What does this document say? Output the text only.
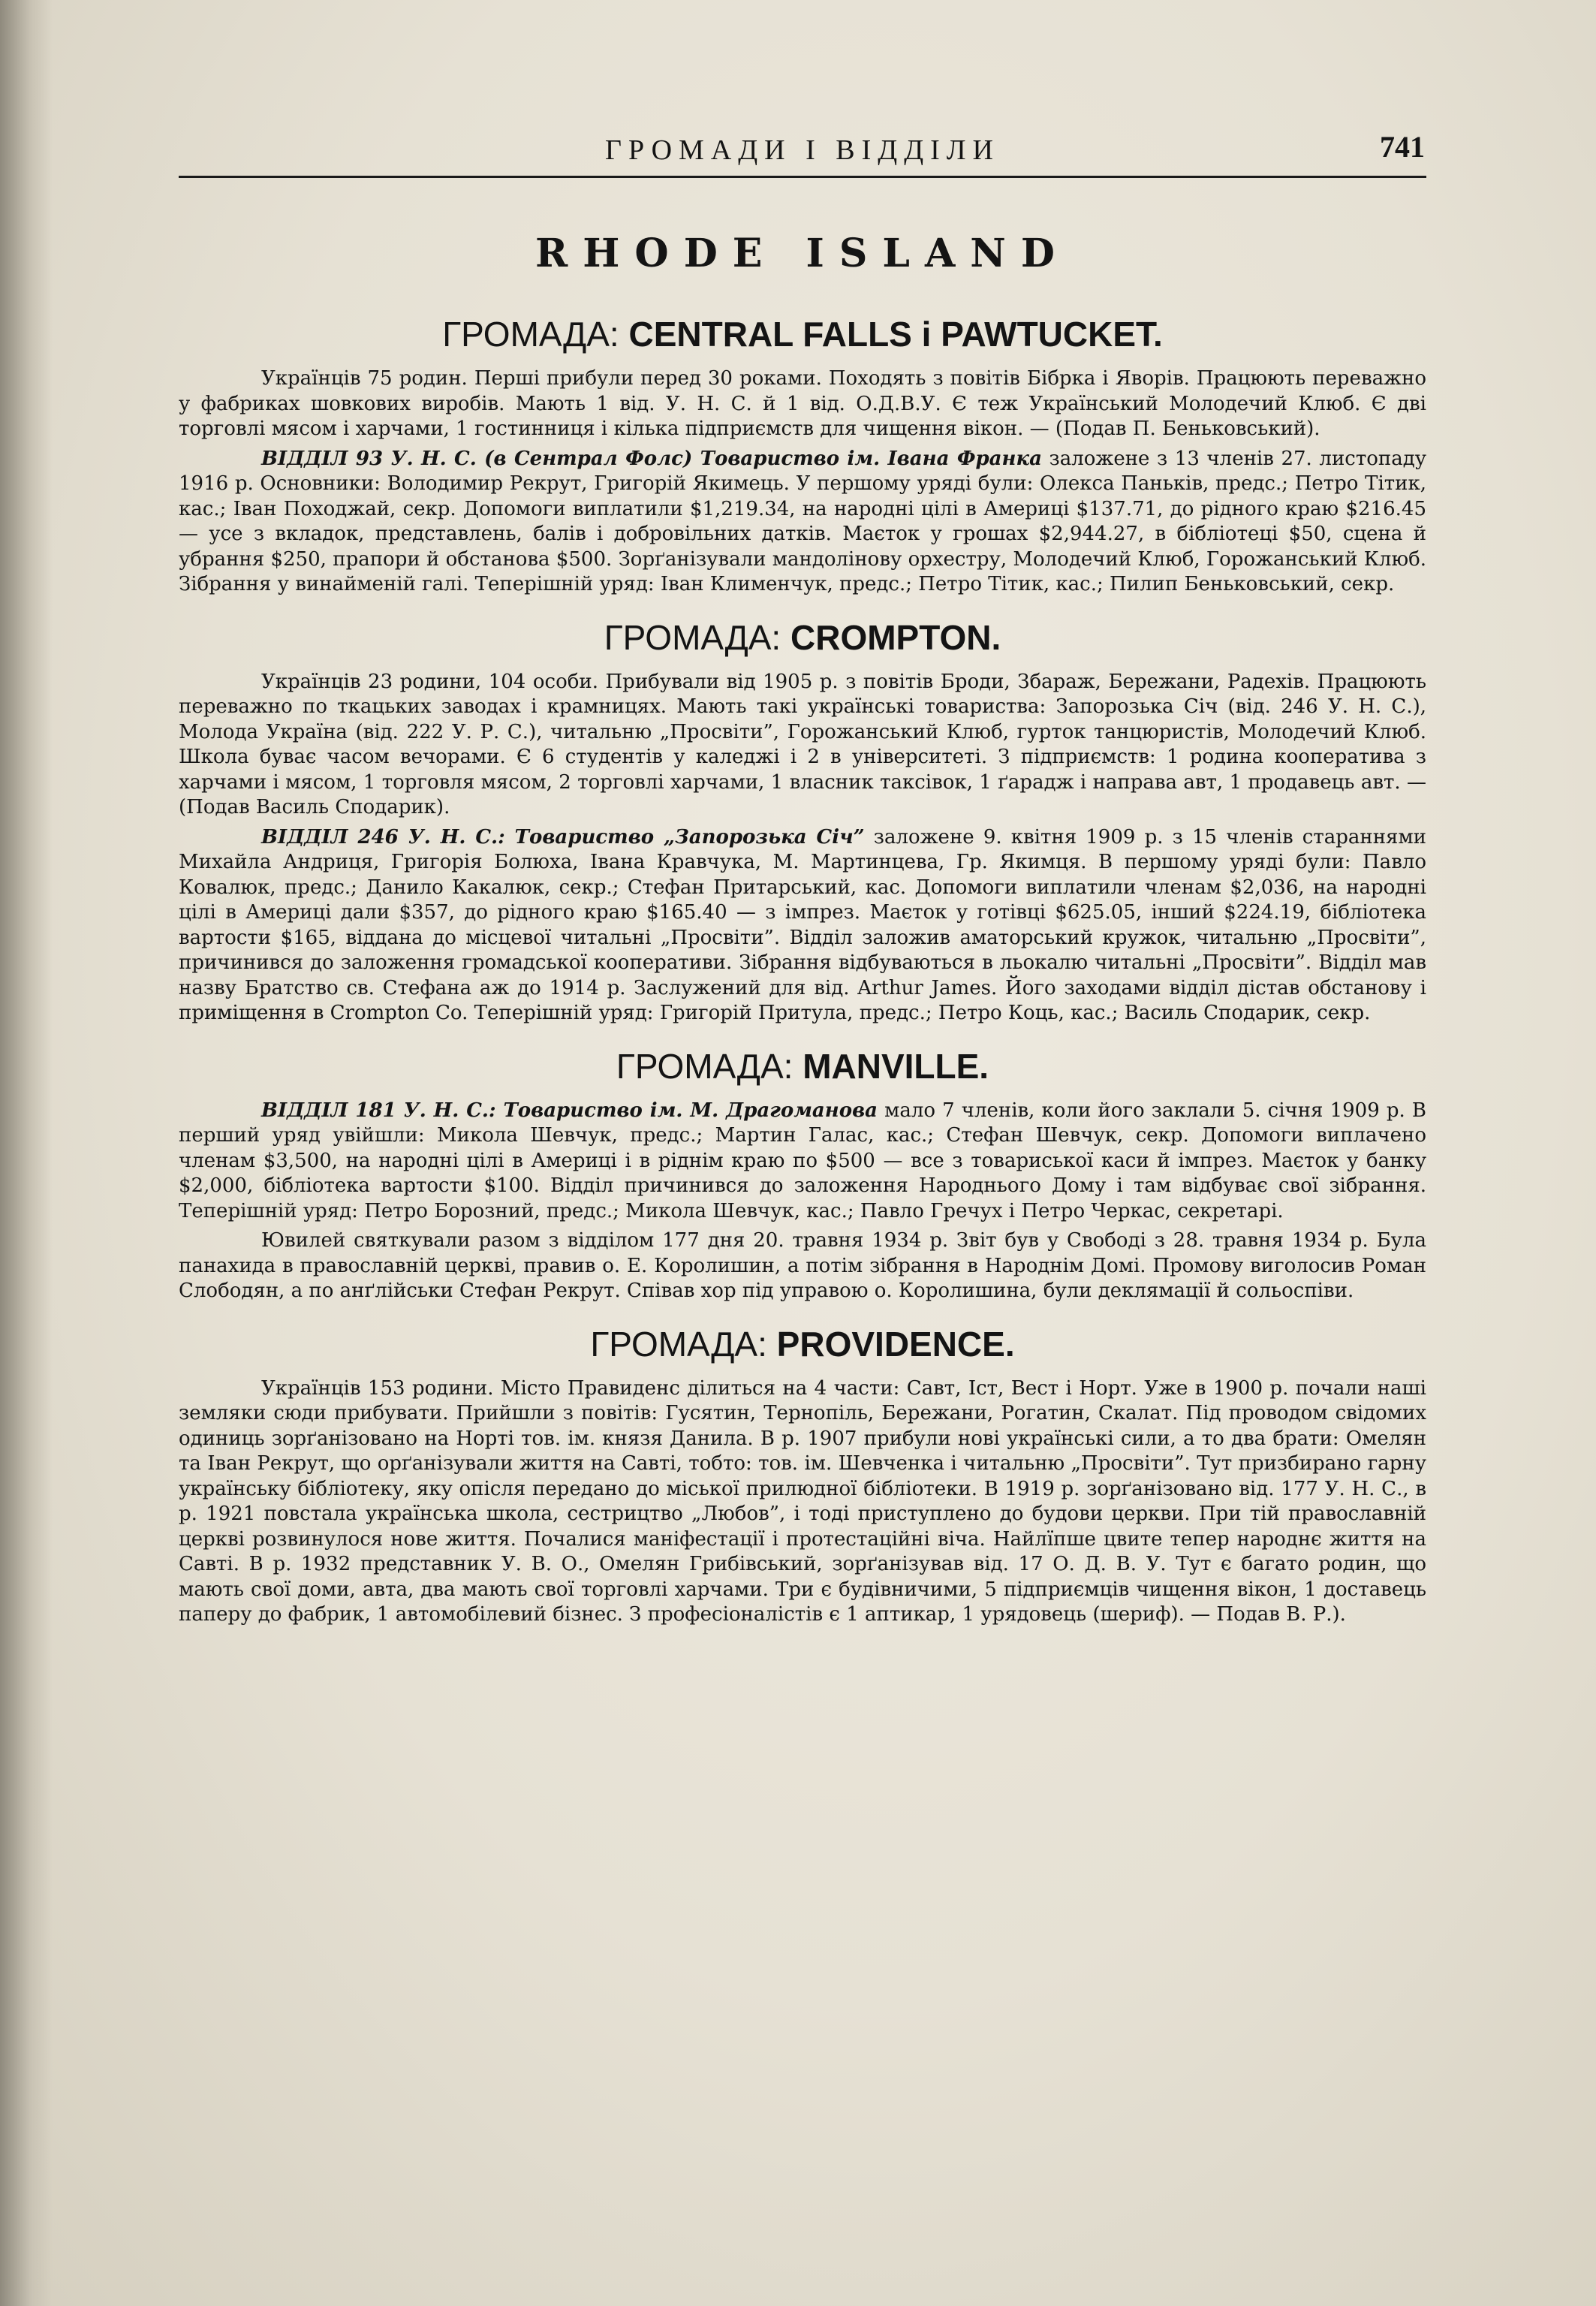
ГРОМАДИ І ВІДДІЛИ	741
RHODE ISLAND
ГРОМАДА: CENTRAL FALLS і PAWTUCKET.

Українців 75 родин. Перші прибули перед 30 роками. Походять з повітів Бібрка і Яворів. Працюють переважно у фабриках шовкових виробів. Мають 1 від. У. Н. С. й 1 від. О.Д.В.У. Є теж Український Молодечий Клюб. Є дві торговлі мясом і харчами, 1 гостинниця і кілька підприємств для чищення вікон. — (Подав П. Беньковський).

ВІДДІЛ 93 У. Н. С. (в Сентрал Фолс) Товариство ім. Івана Франка заложене з 13 членів 27. листопаду 1916 р. Основники: Володимир Рекрут, Григорій Якимець. У першому уряді були: Олекса Паньків, предс.; Петро Тітик, кас.; Іван Походжай, секр. Допомоги виплатили $1,219.34, на народні цілі в Америці $137.71, до рідного краю $216.45 — усе з вкладок, представлень, балів і добровільних датків. Маєток у грошах $2,944.27, в бібліотеці $50, сцена й убрання $250, прапори й обстанова $500. Зорґанізували мандолінову орхестру, Молодечий Клюб, Горожанський Клюб. Зібрання у винайменій галі. Теперішній уряд: Іван Клименчук, предс.; Петро Тітик, кас.; Пилип Беньковський, секр.

ГРОМАДА: CROMPTON.

Українців 23 родини, 104 особи. Прибували від 1905 р. з повітів Броди, Збараж, Бережани, Радехів. Працюють переважно по ткацьких заводах і крамницях. Мають такі українські товариства: Запорозька Січ (від. 246 У. Н. С.), Молода Україна (від. 222 У. Р. С.), читальню „Просвіти”, Горожанський Клюб, гурток танцюристів, Молодечий Клюб. Школа буває часом вечорами. Є 6 студентів у каледжі і 2 в університеті. З підприємств: 1 родина кооператива з харчами і мясом, 1 торговля мясом, 2 торговлі харчами, 1 власник таксівок, 1 ґарадж і направа авт, 1 продавець авт. — (Подав Василь Сподарик).

ВІДДІЛ 246 У. Н. С.: Товариство „Запорозька Січ” заложене 9. квітня 1909 р. з 15 членів стараннями Михайла Андриця, Григорія Болюха, Івана Кравчука, М. Мартинцева, Гр. Якимця. В першому уряді були: Павло Ковалюк, предс.; Данило Какалюк, секр.; Стефан Притарський, кас. Допомоги виплатили членам $2,036, на народні цілі в Америці дали $357, до рідного краю $165.40 — з імпрез. Маєток у готівці $625.05, інший $224.19, бібліотека вартости $165, віддана до місцевої читальні „Просвіти”. Відділ заложив аматорський кружок, читальню „Просвіти”, причинився до заложення громадської кооперативи. Зібрання відбуваються в льокалю читальні „Просвіти”. Відділ мав назву Братство св. Стефана аж до 1914 р. Заслужений для від. Arthur James. Його заходами відділ дістав обстанову і приміщення в Crompton Co. Теперішній уряд: Григорій Притула, предс.; Петро Коць, кас.; Василь Сподарик, секр.

ГРОМАДА: MANVILLE.

ВІДДІЛ 181 У. Н. С.: Товариство ім. М. Драгоманова мало 7 членів, коли його заклали 5. січня 1909 р. В перший уряд увійшли: Микола Шевчук, предс.; Мартин Галас, кас.; Стефан Шевчук, секр. Допомоги виплачено членам $3,500, на народні цілі в Америці і в ріднім краю по $500 — все з товариської каси й імпрез. Маєток у банку $2,000, бібліотека вартости $100. Відділ причинився до заложення Народнього Дому і там відбуває свої зібрання. Теперішній уряд: Петро Борозний, предс.; Микола Шевчук, кас.; Павло Гречух і Петро Черкас, секретарі.

Ювилей святкували разом з відділом 177 дня 20. травня 1934 р. Звіт був у Свободі з 28. травня 1934 р. Була панахида в православній церкві, правив о. Е. Королишин, а потім зібрання в Народнім Домі. Промову виголосив Роман Слободян, а по анґлійськи Стефан Рекрут. Співав хор під управою о. Королишина, були деклямації й сольоспіви.

ГРОМАДА: PROVIDENCE.

Українців 153 родини. Місто Правиденс ділиться на 4 части: Савт, Іст, Вест і Норт. Уже в 1900 р. почали наші земляки сюди прибувати. Прийшли з повітів: Гусятин, Тернопіль, Бережани, Рогатин, Скалат. Під проводом свідомих одиниць зорґанізовано на Норті тов. ім. князя Данила. В р. 1907 прибули нові українські сили, а то два брати: Омелян та Іван Рекрут, що орґанізували життя на Савті, тобто: тов. ім. Шевченка і читальню „Просвіти”. Тут призбирано гарну українську бібліотеку, яку опісля передано до міської прилюдної бібліотеки. В 1919 р. зорґанізовано від. 177 У. Н. С., в р. 1921 повстала українська школа, сестрицтво „Любов”, і тоді приступлено до будови церкви. При тій православній церкві розвинулося нове життя. Почалися маніфестації і протестаційні віча. Найлїпше цвите тепер народнє життя на Савті. В р. 1932 представник У. В. О., Омелян Грибівський, зорґанізував від. 17 О. Д. В. У. Тут є багато родин, що мають свої доми, авта, два мають свої торговлі харчами. Три є будівничими, 5 підприємців чищення вікон, 1 доставець паперу до фабрик, 1 автомобілевий бізнес. З професіоналістів є 1 аптикар, 1 урядовець (шериф). — Подав В. Р.).
